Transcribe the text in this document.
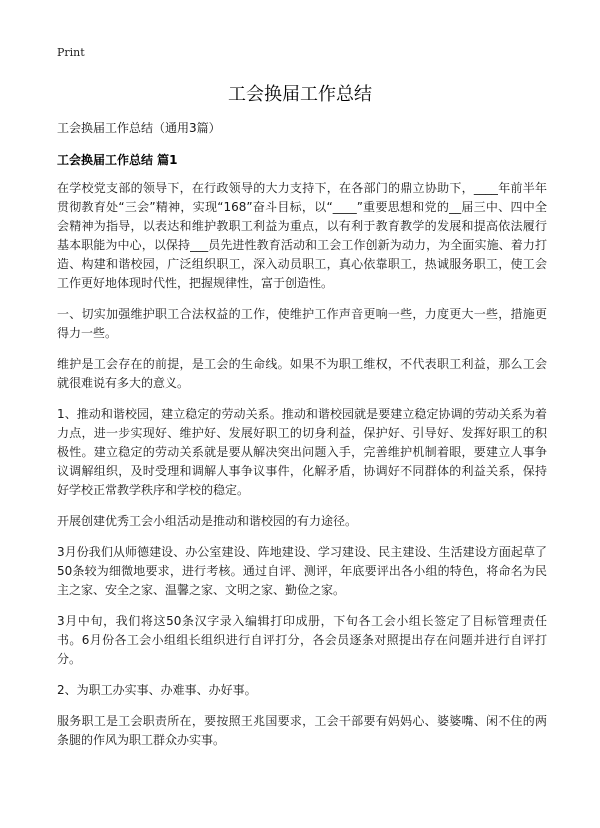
Print
工会换届工作总结
工会换届工作总结（通用3篇）
工会换届工作总结 篇1

在学校党支部的领导下，在行政领导的大力支持下，在各部门的鼎立协助下，____年前半年贯彻教育处“三会”精神，实现“168”奋斗目标，以“____”重要思想和党的__届三中、四中全会精神为指导，以表达和维护教职工利益为重点，以有利于教育教学的发展和提高依法履行基本职能为中心，以保持___员先进性教育活动和工会工作创新为动力，为全面实施、着力打造、构建和谐校园，广泛组织职工，深入动员职工，真心依靠职工，热诚服务职工，使工会工作更好地体现时代性，把握规律性，富于创造性。

一、切实加强维护职工合法权益的工作，使维护工作声音更响一些，力度更大一些，措施更得力一些。

维护是工会存在的前提，是工会的生命线。如果不为职工维权，不代表职工利益，那么工会就很难说有多大的意义。

1、推动和谐校园，建立稳定的劳动关系。推动和谐校园就是要建立稳定协调的劳动关系为着力点，进一步实现好、维护好、发展好职工的切身利益，保护好、引导好、发挥好职工的积极性。建立稳定的劳动关系就是要从解决突出问题入手，完善维护机制着眼，要建立人事争议调解组织，及时受理和调解人事争议事件，化解矛盾，协调好不同群体的利益关系，保持好学校正常教学秩序和学校的稳定。

开展创建优秀工会小组活动是推动和谐校园的有力途径。

3月份我们从师德建设、办公室建设、阵地建设、学习建设、民主建设、生活建设方面起草了50条较为细微地要求，进行考核。通过自评、测评，年底要评出各小组的特色，将命名为民主之家、安全之家、温馨之家、文明之家、勤俭之家。

3月中旬，我们将这50条汉字录入编辑打印成册，下旬各工会小组长签定了目标管理责任书。6月份各工会小组组长组织进行自评打分，各会员逐条对照提出存在问题并进行自评打分。

2、为职工办实事、办难事、办好事。

服务职工是工会职责所在，要按照王兆国要求，工会干部要有妈妈心、婆婆嘴、闲不住的两条腿的作风为职工群众办实事。
